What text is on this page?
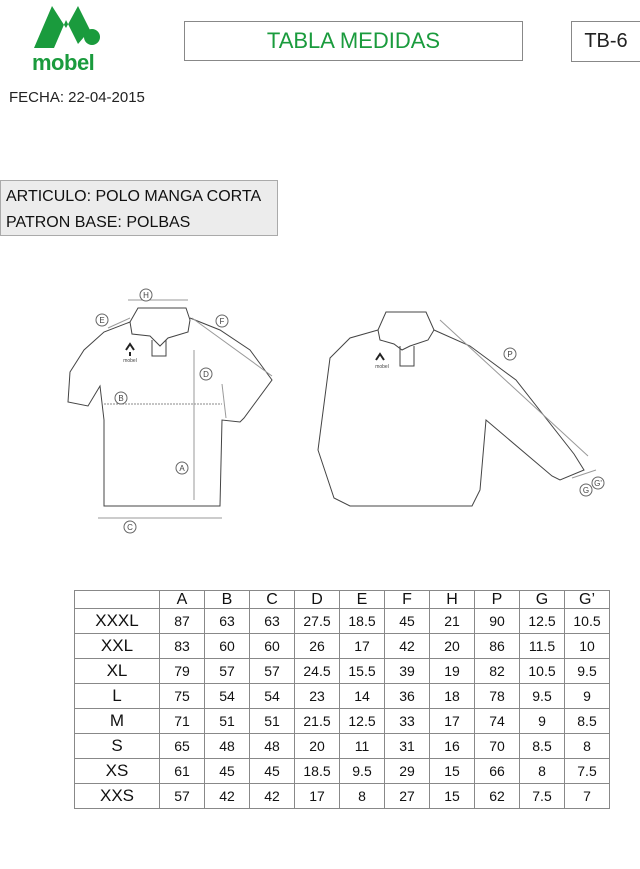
mobel
TABLA MEDIDAS	TB-6
FECHA: 22-04-2015
ARTICULO: POLO MANGA CORTA
PATRON BASE: POLBAS
H
E	F
D
B
A
C
P
G
G'
mobel
mobel
	A	B	C	D	E	F	H	P	G	G’
XXXL	87	63	63	27.5	18.5	45	21	90	12.5	10.5
XXL	83	60	60	26	17	42	20	86	11.5	10
XL	79	57	57	24.5	15.5	39	19	82	10.5	9.5
L	75	54	54	23	14	36	18	78	9.5	9
M	71	51	51	21.5	12.5	33	17	74	9	8.5
S	65	48	48	20	11	31	16	70	8.5	8
XS	61	45	45	18.5	9.5	29	15	66	8	7.5
XXS	57	42	42	17	8	27	15	62	7.5	7
